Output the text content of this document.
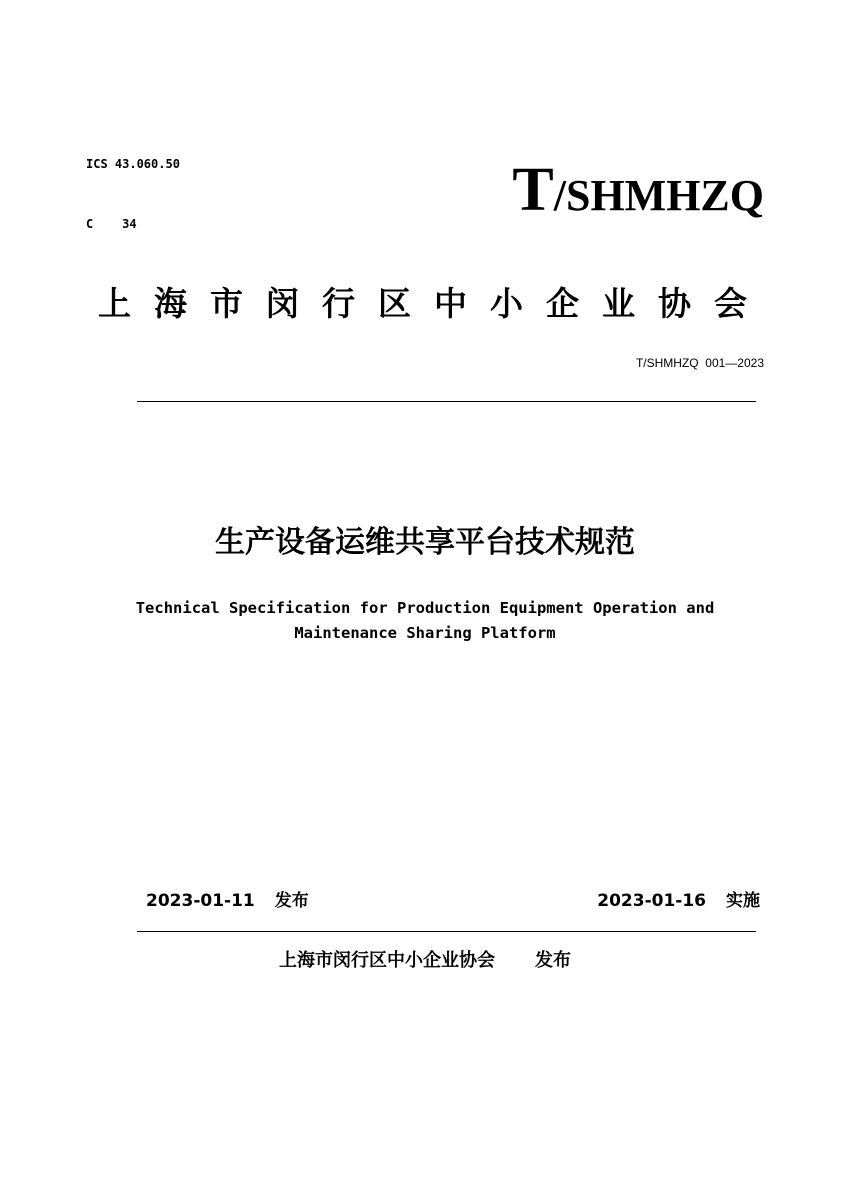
ICS 43.060.50

C    34	T/SHMHZQ
上海市闵行区中小企业协会
T/SHMHZQ  001—2023
生产设备运维共享平台技术规范
Technical Specification for Production Equipment Operation and
Maintenance Sharing Platform
2023-01-11 发布	2023-01-16 实施
上海市闵行区中小企业协会 发布
